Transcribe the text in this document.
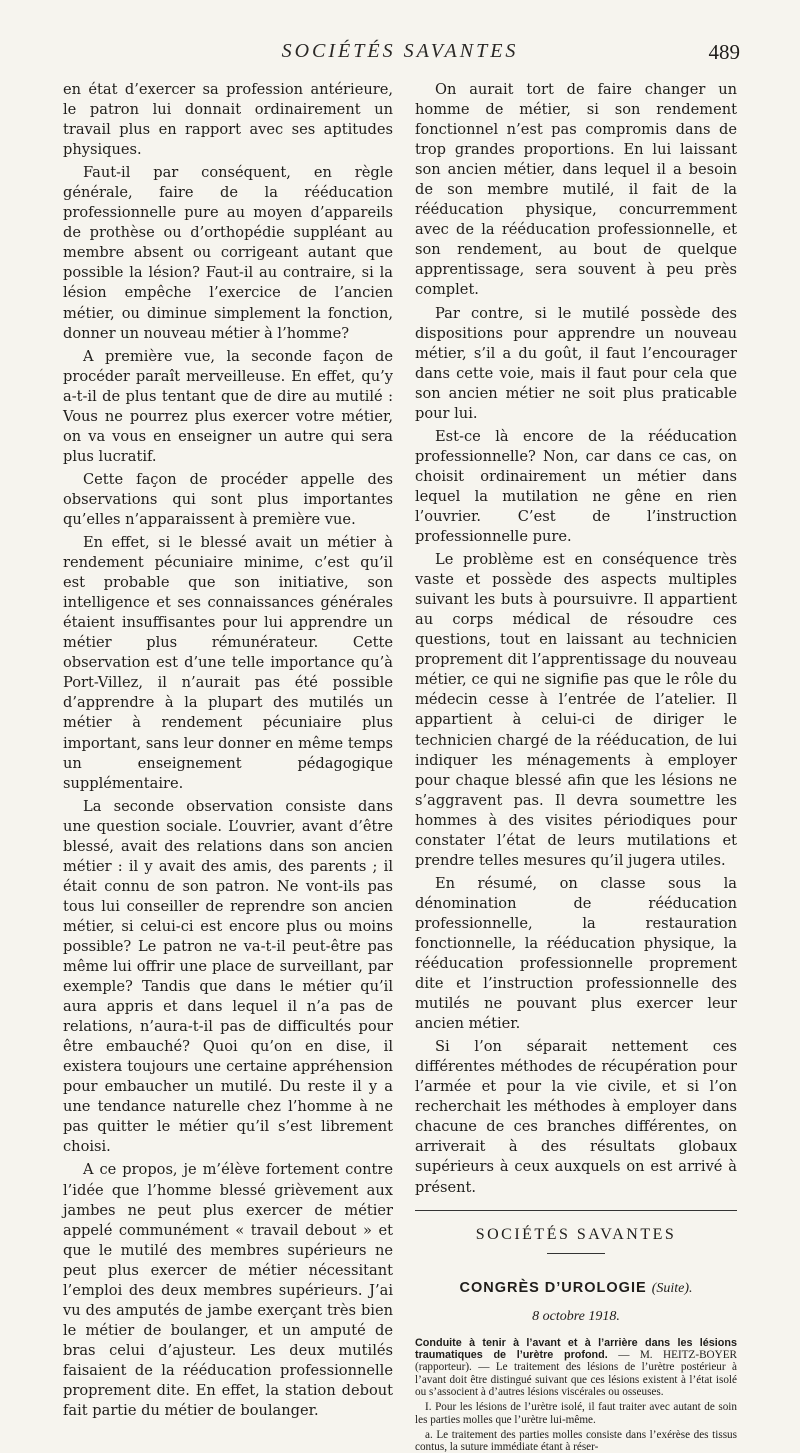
SOCIÉTÉS SAVANTES	489

en état d’exercer sa profession antérieure, le patron lui donnait ordinairement un travail plus en rapport avec ses aptitudes physiques.

Faut-il par conséquent, en règle générale, faire de la rééducation professionnelle pure au moyen d’appareils de prothèse ou d’orthopédie suppléant au membre absent ou corrigeant autant que possible la lésion? Faut-il au contraire, si la lésion empêche l’exercice de l’ancien métier, ou diminue simplement la fonction, donner un nouveau métier à l’homme?

A première vue, la seconde façon de procéder paraît merveilleuse. En effet, qu’y a-t-il de plus tentant que de dire au mutilé : Vous ne pourrez plus exercer votre métier, on va vous en enseigner un autre qui sera plus lucratif.

Cette façon de procéder appelle des observations qui sont plus importantes qu’elles n’apparaissent à première vue.

En effet, si le blessé avait un métier à rendement pécuniaire minime, c’est qu’il est probable que son initiative, son intelligence et ses connaissances générales étaient insuffisantes pour lui apprendre un métier plus rémunérateur. Cette observation est d’une telle importance qu’à Port-Villez, il n’aurait pas été possible d’apprendre à la plupart des mutilés un métier à rendement pécuniaire plus important, sans leur donner en même temps un enseignement pédagogique supplémentaire.

La seconde observation consiste dans une question sociale. L’ouvrier, avant d’être blessé, avait des relations dans son ancien métier : il y avait des amis, des parents ; il était connu de son patron. Ne vont-ils pas tous lui conseiller de reprendre son ancien métier, si celui-ci est encore plus ou moins possible? Le patron ne va-t-il peut-être pas même lui offrir une place de surveillant, par exemple? Tandis que dans le métier qu’il aura appris et dans lequel il n’a pas de relations, n’aura-t-il pas de difficultés pour être embauché? Quoi qu’on en dise, il existera toujours une certaine appréhension pour embaucher un mutilé. Du reste il y a une tendance naturelle chez l’homme à ne pas quitter le métier qu’il s’est librement choisi.

A ce propos, je m’élève fortement contre l’idée que l’homme blessé grièvement aux jambes ne peut plus exercer de métier appelé communément « travail debout » et que le mutilé des membres supérieurs ne peut plus exercer de métier nécessitant l’emploi des deux membres supérieurs. J’ai vu des amputés de jambe exerçant très bien le métier de boulanger, et un amputé de bras celui d’ajusteur. Les deux mutilés faisaient de la rééducation professionnelle proprement dite. En effet, la station debout fait partie du métier de boulanger.

On aurait tort de faire changer un homme de métier, si son rendement fonctionnel n’est pas compromis dans de trop grandes proportions. En lui laissant son ancien métier, dans lequel il a besoin de son membre mutilé, il fait de la rééducation physique, concurremment avec de la rééducation professionnelle, et son rendement, au bout de quelque apprentissage, sera souvent à peu près complet.

Par contre, si le mutilé possède des dispositions pour apprendre un nouveau métier, s’il a du goût, il faut l’encourager dans cette voie, mais il faut pour cela que son ancien métier ne soit plus praticable pour lui.

Est-ce là encore de la rééducation professionnelle? Non, car dans ce cas, on choisit ordinairement un métier dans lequel la mutilation ne gêne en rien l’ouvrier. C’est de l’instruction professionnelle pure.

Le problème est en conséquence très vaste et possède des aspects multiples suivant les buts à poursuivre. Il appartient au corps médical de résoudre ces questions, tout en laissant au technicien proprement dit l’apprentissage du nouveau métier, ce qui ne signifie pas que le rôle du médecin cesse à l’entrée de l’atelier. Il appartient à celui-ci de diriger le technicien chargé de la rééducation, de lui indiquer les ménagements à employer pour chaque blessé afin que les lésions ne s’aggravent pas. Il devra soumettre les hommes à des visites périodiques pour constater l’état de leurs mutilations et prendre telles mesures qu’il jugera utiles.

En résumé, on classe sous la dénomination de rééducation professionnelle, la restauration fonctionnelle, la rééducation physique, la rééducation professionnelle proprement dite et l’instruction professionnelle des mutilés ne pouvant plus exercer leur ancien métier.

Si l’on séparait nettement ces différentes méthodes de récupération pour l’armée et pour la vie civile, et si l’on recherchait les méthodes à employer dans chacune de ces branches différentes, on arriverait à des résultats globaux supérieurs à ceux auxquels on est arrivé à présent.

SOCIÉTÉS SAVANTES
CONGRÈS D’UROLOGIE (Suite).
8 octobre 1918.

Conduite à tenir à l’avant et à l’arrière dans les lésions traumatiques de l’urètre profond. — M. HEITZ-BOYER (rapporteur). — Le traitement des lésions de l’urètre postérieur à l’avant doit être distingué suivant que ces lésions existent à l’état isolé ou s’associent à d’autres lésions viscérales ou osseuses.

I. Pour les lésions de l’urètre isolé, il faut traiter avec autant de soin les parties molles que l’urètre lui-même.

a. Le traitement des parties molles consiste dans l’exérèse des tissus contus, la suture immédiate étant à réser-
